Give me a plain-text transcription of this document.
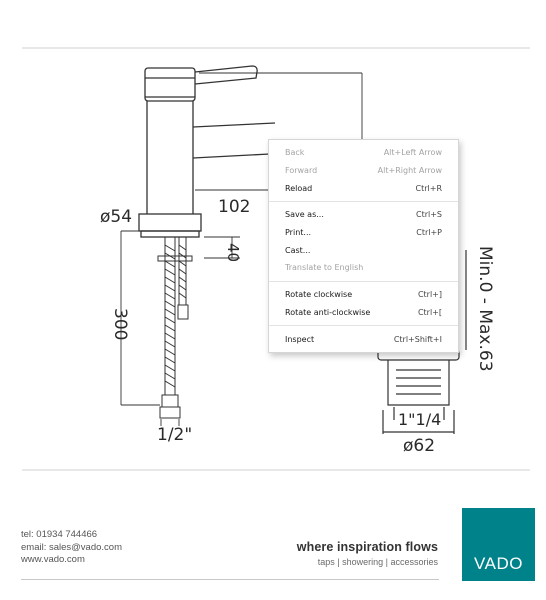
102
ø54
40
300
1/2"
Min.0 - Max.63
1"1/4
ø62
Back	Alt+Left Arrow
Forward	Alt+Right Arrow
Reload	Ctrl+R
Save as...	Ctrl+S
Print...	Ctrl+P
Cast...
Translate to English
Rotate clockwise	Ctrl+]
Rotate anti-clockwise	Ctrl+[
Inspect	Ctrl+Shift+I
tel: 01934 744466
email: sales@vado.com
www.vado.com
where inspiration flows
taps | showering | accessories	VADO
